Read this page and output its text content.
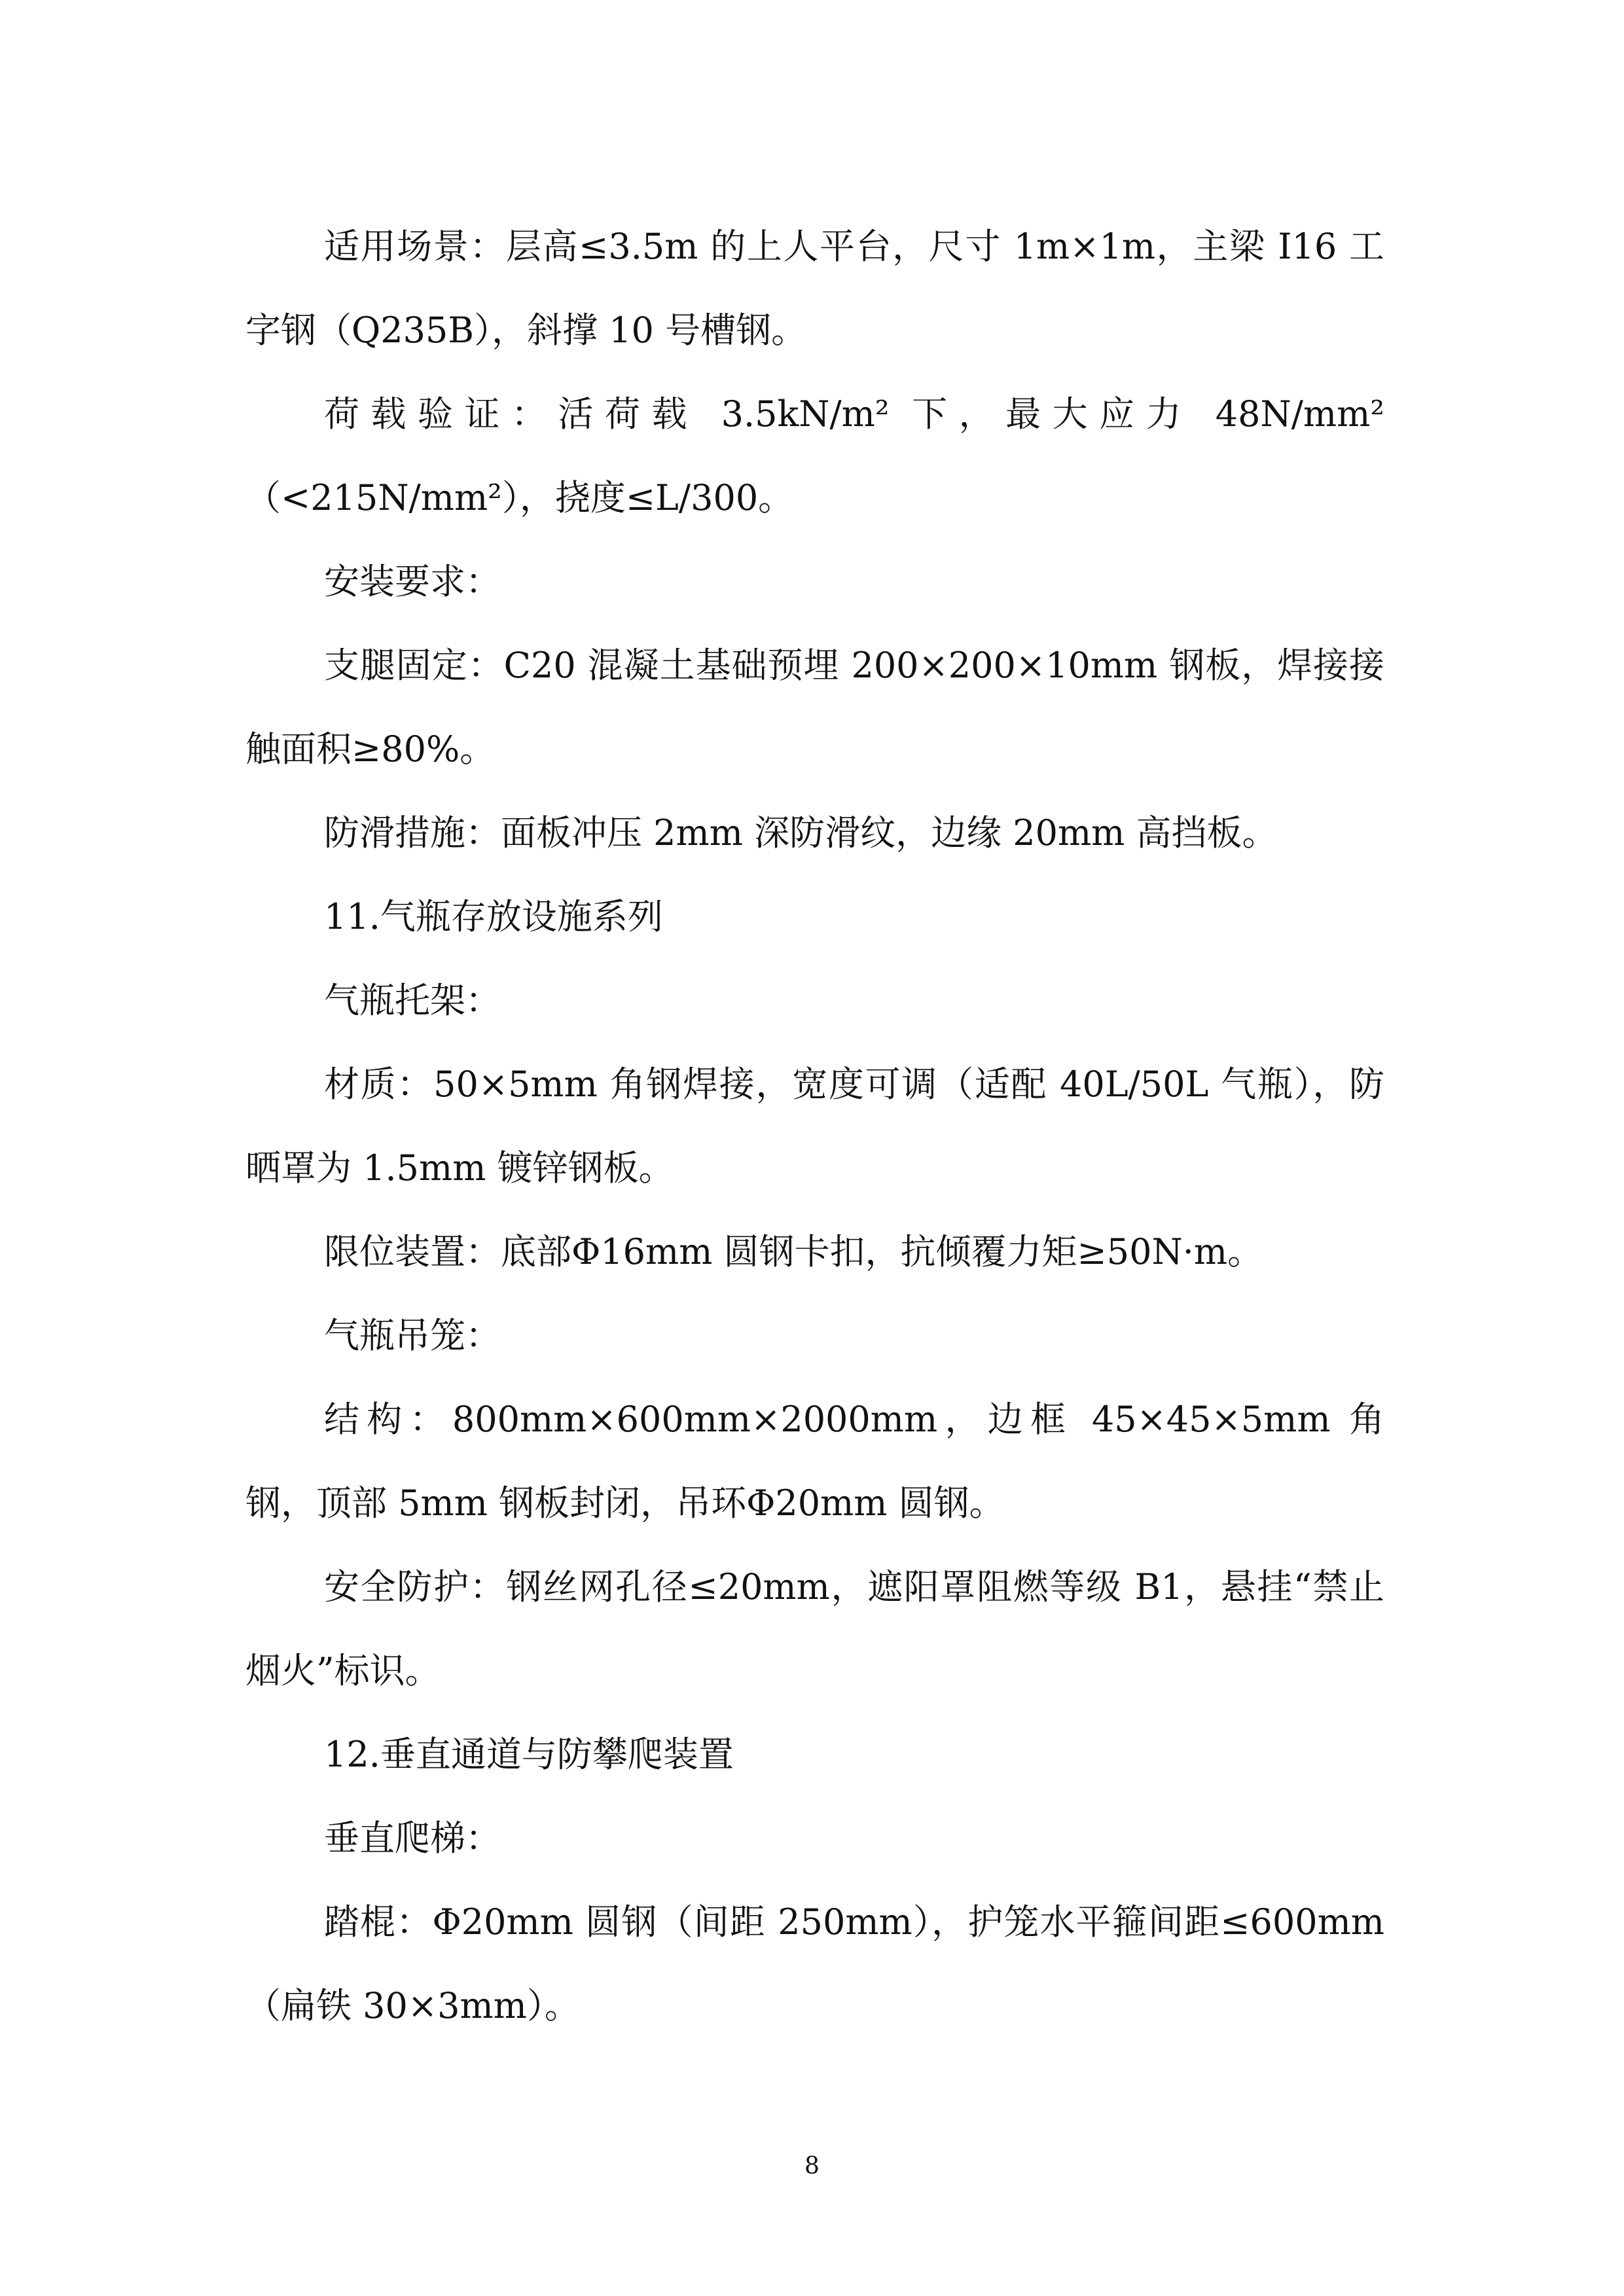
适用场景：层高≤3.5m 的上人平台，尺寸 1m×1m，主梁 I16 工字钢（Q235B），斜撑 10 号槽钢。

荷载验证：活荷载 3.5kN/m² 下，最大应力 48N/mm²（<215N/mm²），挠度≤L/300。

安装要求：

支腿固定：C20 混凝土基础预埋 200×200×10mm 钢板，焊接接触面积≥80%。

防滑措施：面板冲压 2mm 深防滑纹，边缘 20mm 高挡板。

11.气瓶存放设施系列

气瓶托架：

材质：50×5mm 角钢焊接，宽度可调（适配 40L/50L 气瓶），防晒罩为 1.5mm 镀锌钢板。

限位装置：底部Φ16mm 圆钢卡扣，抗倾覆力矩≥50N·m。

气瓶吊笼：

结构：800mm×600mm×2000mm，边框 45×45×5mm 角钢，顶部 5mm 钢板封闭，吊环Φ20mm 圆钢。

安全防护：钢丝网孔径≤20mm，遮阳罩阻燃等级 B1，悬挂“禁止烟火”标识。

12.垂直通道与防攀爬装置

垂直爬梯：

踏棍：Φ20mm 圆钢（间距 250mm），护笼水平箍间距≤600mm（扁铁 30×3mm）。

8
